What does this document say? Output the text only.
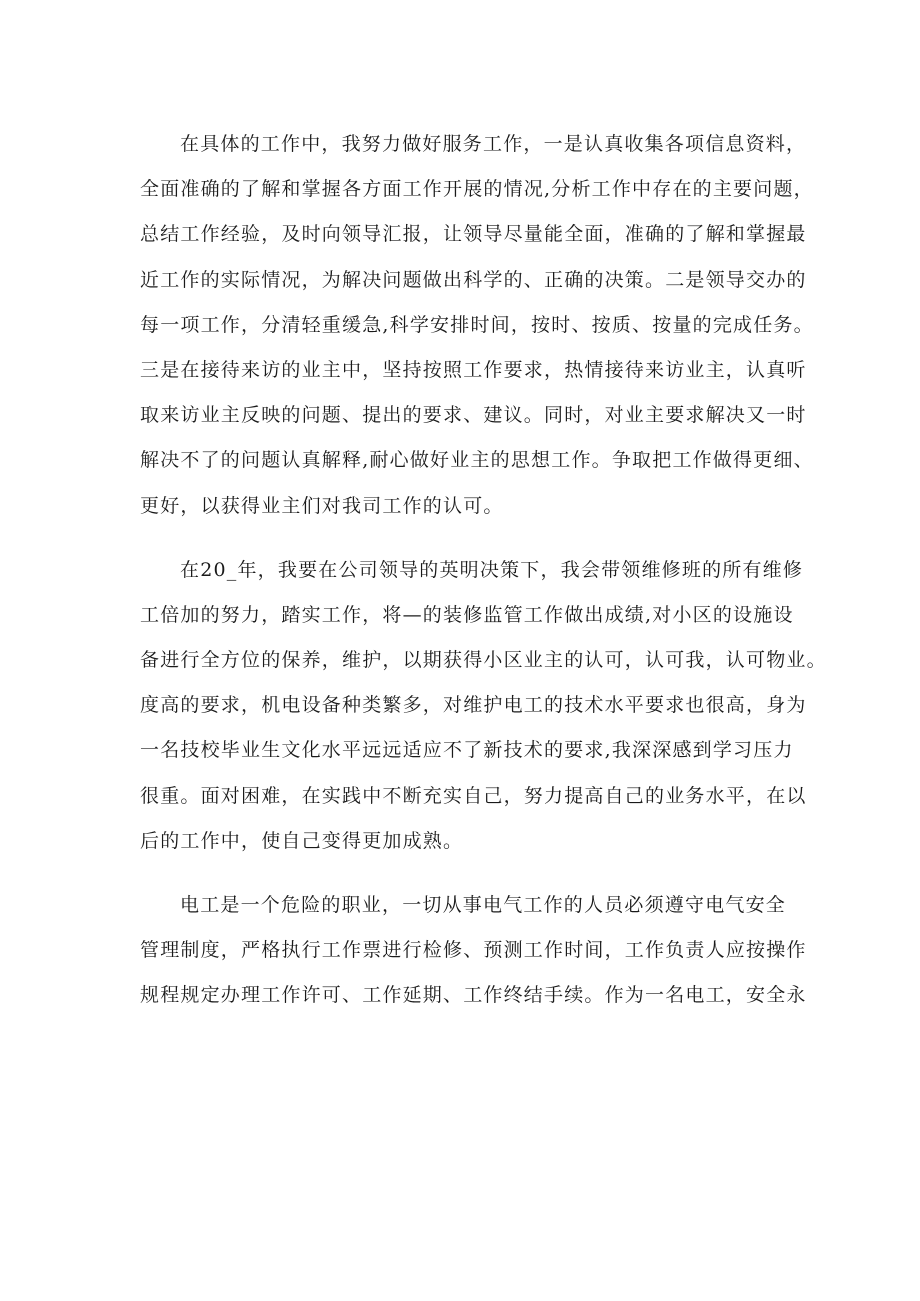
在具体的工作中，我努力做好服务工作，一是认真收集各项信息资料，
全面准确的了解和掌握各方面工作开展的情况,分析工作中存在的主要问题，
总结工作经验，及时向领导汇报，让领导尽量能全面，准确的了解和掌握最
近工作的实际情况，为解决问题做出科学的、正确的决策。二是领导交办的
每一项工作，分清轻重缓急,科学安排时间，按时、按质、按量的完成任务。
三是在接待来访的业主中，坚持按照工作要求，热情接待来访业主，认真听
取来访业主反映的问题、提出的要求、建议。同时，对业主要求解决又一时
解决不了的问题认真解释,耐心做好业主的思想工作。争取把工作做得更细、
更好，以获得业主们对我司工作的认可。
在20_年，我要在公司领导的英明决策下，我会带领维修班的所有维修
工倍加的努力，踏实工作，将—的装修监管工作做出成绩,对小区的设施设
备进行全方位的保养，维护，以期获得小区业主的认可，认可我，认可物业。
度高的要求，机电设备种类繁多，对维护电工的技术水平要求也很高，身为
一名技校毕业生文化水平远远适应不了新技术的要求,我深深感到学习压力
很重。面对困难，在实践中不断充实自己，努力提高自己的业务水平，在以
后的工作中，使自己变得更加成熟。
电工是一个危险的职业，一切从事电气工作的人员必须遵守电气安全
管理制度，严格执行工作票进行检修、预测工作时间，工作负责人应按操作
规程规定办理工作许可、工作延期、工作终结手续。作为一名电工，安全永
